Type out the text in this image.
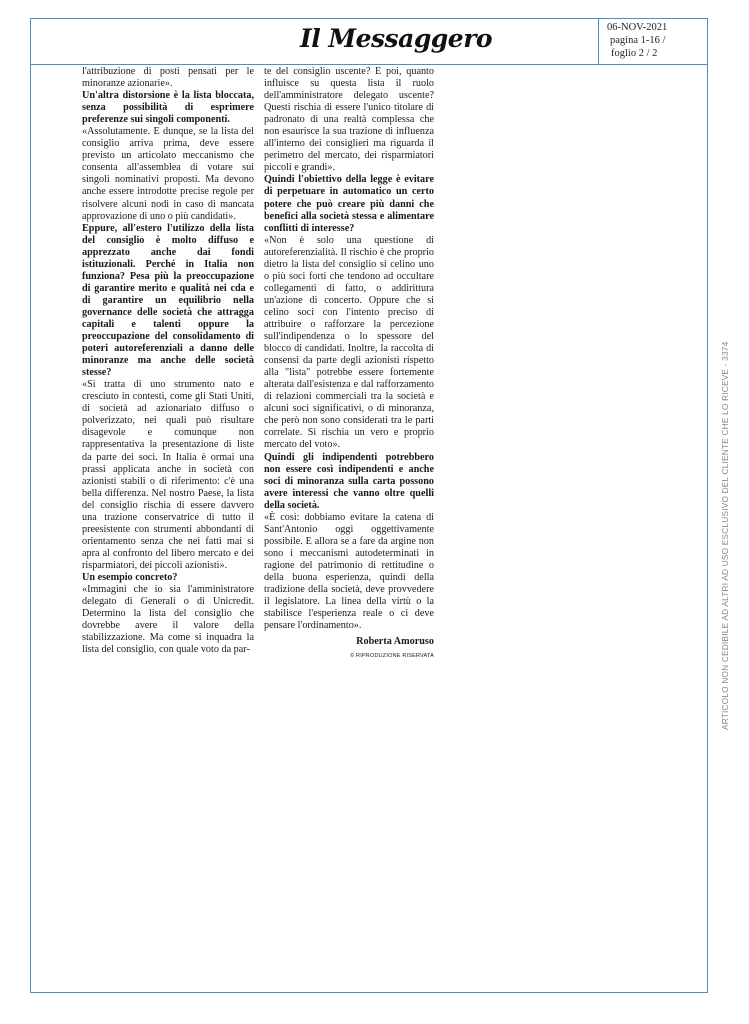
Il Messaggero	06-NOV-2021
pagina 1-16 /
foglio 2 / 2

l'attribuzione di posti pensati per le minoranze azionarie».

Un'altra distorsione è la lista bloccata, senza possibilità di esprimere preferenze sui singoli componenti.

«Assolutamente. E dunque, se la lista del consiglio arriva prima, deve essere previsto un articolato meccanismo che consenta all'assemblea di votare sui singoli nominativi proposti. Ma devono anche essere introdotte precise regole per risolvere alcuni nodi in caso di mancata approvazione di uno o più candidati».

Eppure, all'estero l'utilizzo della lista del consiglio è molto diffuso e apprezzato anche dai fondi istituzionali. Perché in Italia non funziona? Pesa più la preoccupazione di garantire merito e qualità nei cda e di garantire un equilibrio nella governance delle società che attragga capitali e talenti oppure la preoccupazione del consolidamento di poteri autoreferenziali a danno delle minoranze ma anche delle società stesse?

«Si tratta di uno strumento nato e cresciuto in contesti, come gli Stati Uniti, di società ad azionariato diffuso o polverizzato, nei quali può risultare disagevole e comunque non rappresentativa la presentazione di liste da parte dei soci. In Italia è ormai una prassi applicata anche in società con azionisti stabili o di riferimento: c'è una bella differenza. Nel nostro Paese, la lista del consiglio rischia di essere davvero una trazione conservatrice di tutto il preesistente con strumenti abbondanti di orientamento senza che nei fatti mai si apra al confronto del libero mercato e dei risparmiatori, dei piccoli azionisti».

Un esempio concreto?

«Immagini che io sia l'amministratore delegato di Generali o di Unicredit. Determino la lista del consiglio che dovrebbe avere il valore della stabilizzazione. Ma come si inquadra la lista del consiglio, con quale voto da par-

te del consiglio uscente? E poi, quanto influisce su questa lista il ruolo dell'amministratore delegato uscente? Questi rischia di essere l'unico titolare di padronato di una realtà complessa che non esaurisce la sua trazione di influenza all'interno dei consiglieri ma riguarda il perimetro del mercato, dei risparmiatori piccoli e grandi».

Quindi l'obiettivo della legge è evitare di perpetuare in automatico un certo potere che può creare più danni che benefici alla società stessa e alimentare conflitti di interesse?

«Non è solo una questione di autoreferenzialità. Il rischio è che proprio dietro la lista del consiglio si celino uno o più soci forti che tendono ad occultare collegamenti di fatto, o addirittura un'azione di concerto. Oppure che si celino soci con l'intento preciso di attribuire o rafforzare la percezione sull'indipendenza o lo spessore del blocco di candidati. Inoltre, la raccolta di consensi da parte degli azionisti rispetto alla "lista" potrebbe essere fortemente alterata dall'esistenza e dal rafforzamento di relazioni commerciali tra la società e alcuni soci significativi, o di minoranza, che però non sono considerati tra le parti correlate. Si rischia un vero e proprio mercato del voto».

Quindi gli indipendenti potrebbero non essere così indipendenti e anche soci di minoranza sulla carta possono avere interessi che vanno oltre quelli della società.

«È così: dobbiamo evitare la catena di Sant'Antonio oggi oggettivamente possibile. E allora se a fare da argine non sono i meccanismi autodeterminati in ragione del patrimonio di rettitudine o della buona esperienza, quindi della tradizione della società, deve provvedere il legislatore. La linea della virtù o la stabilisce l'esperienza reale o ci deve pensare l'ordinamento».

Roberta Amoruso

© RIPRODUZIONE RISERVATA	ARTICOLO NON CEDIBILE AD ALTRI AD USO ESCLUSIVO DEL CLIENTE CHE LO RICEVE - 3374
